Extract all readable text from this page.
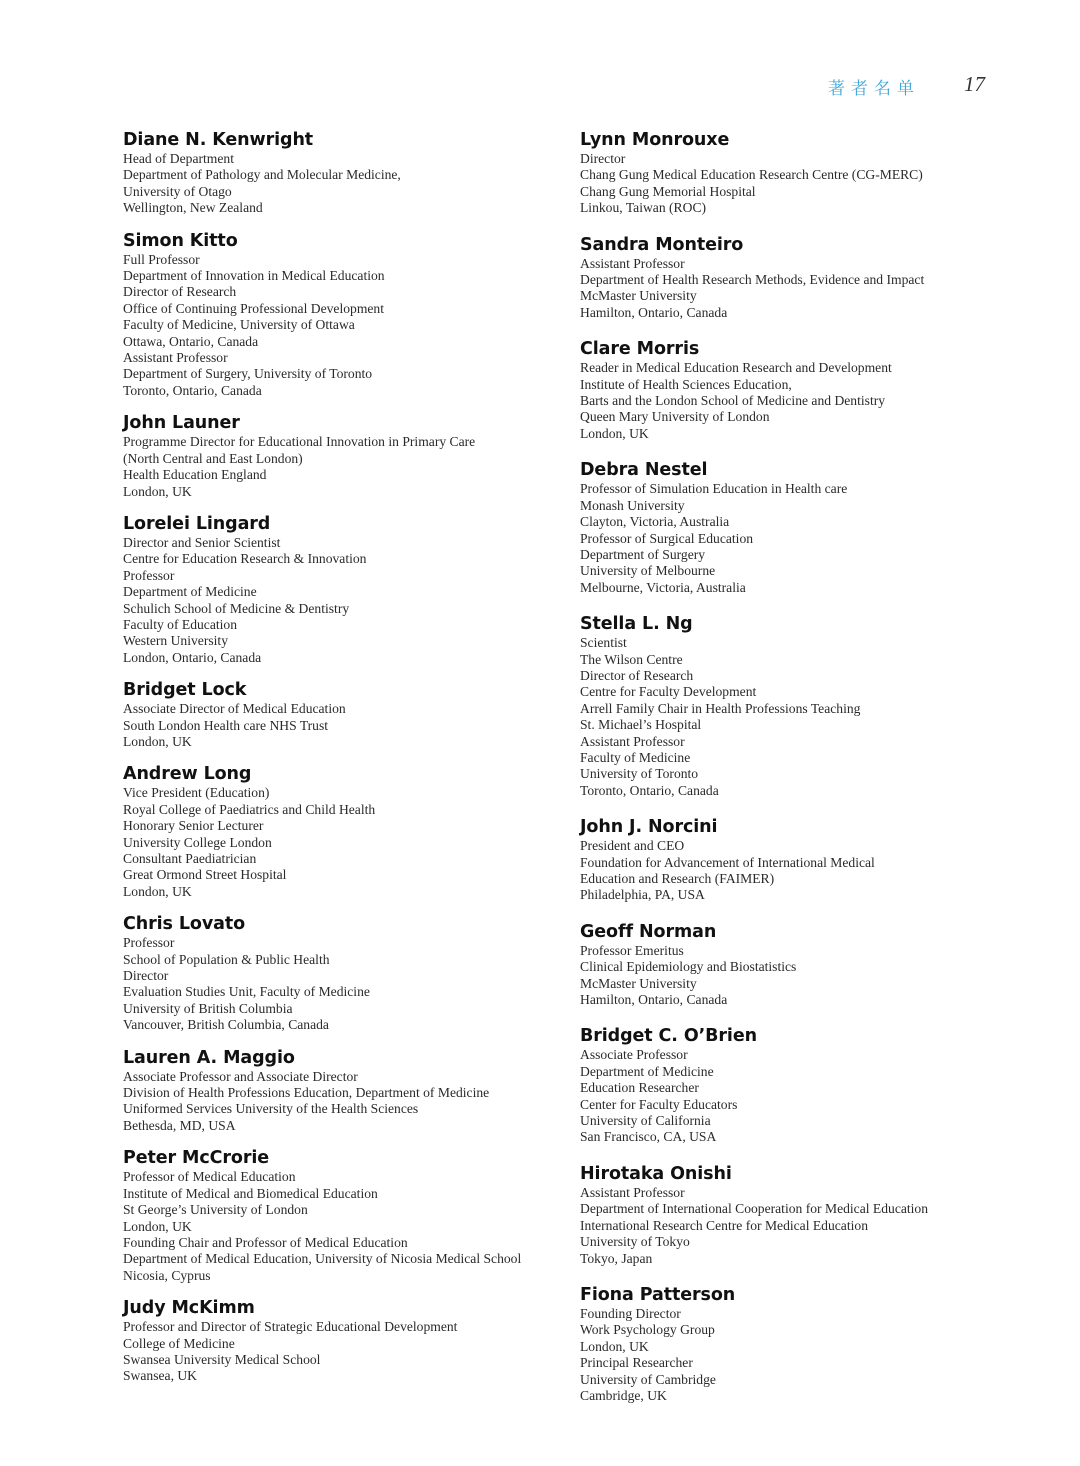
著者名单 17
Diane N. Kenwright
Head of Department
Department of Pathology and Molecular Medicine,
University of Otago
Wellington, New Zealand
Simon Kitto
Full Professor
Department of Innovation in Medical Education
Director of Research
Office of Continuing Professional Development
Faculty of Medicine, University of Ottawa
Ottawa, Ontario, Canada
Assistant Professor
Department of Surgery, University of Toronto
Toronto, Ontario, Canada
John Launer
Programme Director for Educational Innovation in Primary Care
(North Central and East London)
Health Education England
London, UK
Lorelei Lingard
Director and Senior Scientist
Centre for Education Research & Innovation
Professor
Department of Medicine
Schulich School of Medicine & Dentistry
Faculty of Education
Western University
London, Ontario, Canada
Bridget Lock
Associate Director of Medical Education
South London Health care NHS Trust
London, UK
Andrew Long
Vice President (Education)
Royal College of Paediatrics and Child Health
Honorary Senior Lecturer
University College London
Consultant Paediatrician
Great Ormond Street Hospital
London, UK
Chris Lovato
Professor
School of Population & Public Health
Director
Evaluation Studies Unit, Faculty of Medicine
University of British Columbia
Vancouver, British Columbia, Canada
Lauren A. Maggio
Associate Professor and Associate Director
Division of Health Professions Education, Department of Medicine
Uniformed Services University of the Health Sciences
Bethesda, MD, USA
Peter McCrorie
Professor of Medical Education
Institute of Medical and Biomedical Education
St George’s University of London
London, UK
Founding Chair and Professor of Medical Education
Department of Medical Education, University of Nicosia Medical School
Nicosia, Cyprus
Judy McKimm
Professor and Director of Strategic Educational Development
College of Medicine
Swansea University Medical School
Swansea, UK
Lynn Monrouxe
Director
Chang Gung Medical Education Research Centre (CG-MERC)
Chang Gung Memorial Hospital
Linkou, Taiwan (ROC)
Sandra Monteiro
Assistant Professor
Department of Health Research Methods, Evidence and Impact
McMaster University
Hamilton, Ontario, Canada
Clare Morris
Reader in Medical Education Research and Development
Institute of Health Sciences Education,
Barts and the London School of Medicine and Dentistry
Queen Mary University of London
London, UK
Debra Nestel
Professor of Simulation Education in Health care
Monash University
Clayton, Victoria, Australia
Professor of Surgical Education
Department of Surgery
University of Melbourne
Melbourne, Victoria, Australia
Stella L. Ng
Scientist
The Wilson Centre
Director of Research
Centre for Faculty Development
Arrell Family Chair in Health Professions Teaching
St. Michael’s Hospital
Assistant Professor
Faculty of Medicine
University of Toronto
Toronto, Ontario, Canada
John J. Norcini
President and CEO
Foundation for Advancement of International Medical
Education and Research (FAIMER)
Philadelphia, PA, USA
Geoff Norman
Professor Emeritus
Clinical Epidemiology and Biostatistics
McMaster University
Hamilton, Ontario, Canada
Bridget C. O’Brien
Associate Professor
Department of Medicine
Education Researcher
Center for Faculty Educators
University of California
San Francisco, CA, USA
Hirotaka Onishi
Assistant Professor
Department of International Cooperation for Medical Education
International Research Centre for Medical Education
University of Tokyo
Tokyo, Japan
Fiona Patterson
Founding Director
Work Psychology Group
London, UK
Principal Researcher
University of Cambridge
Cambridge, UK
